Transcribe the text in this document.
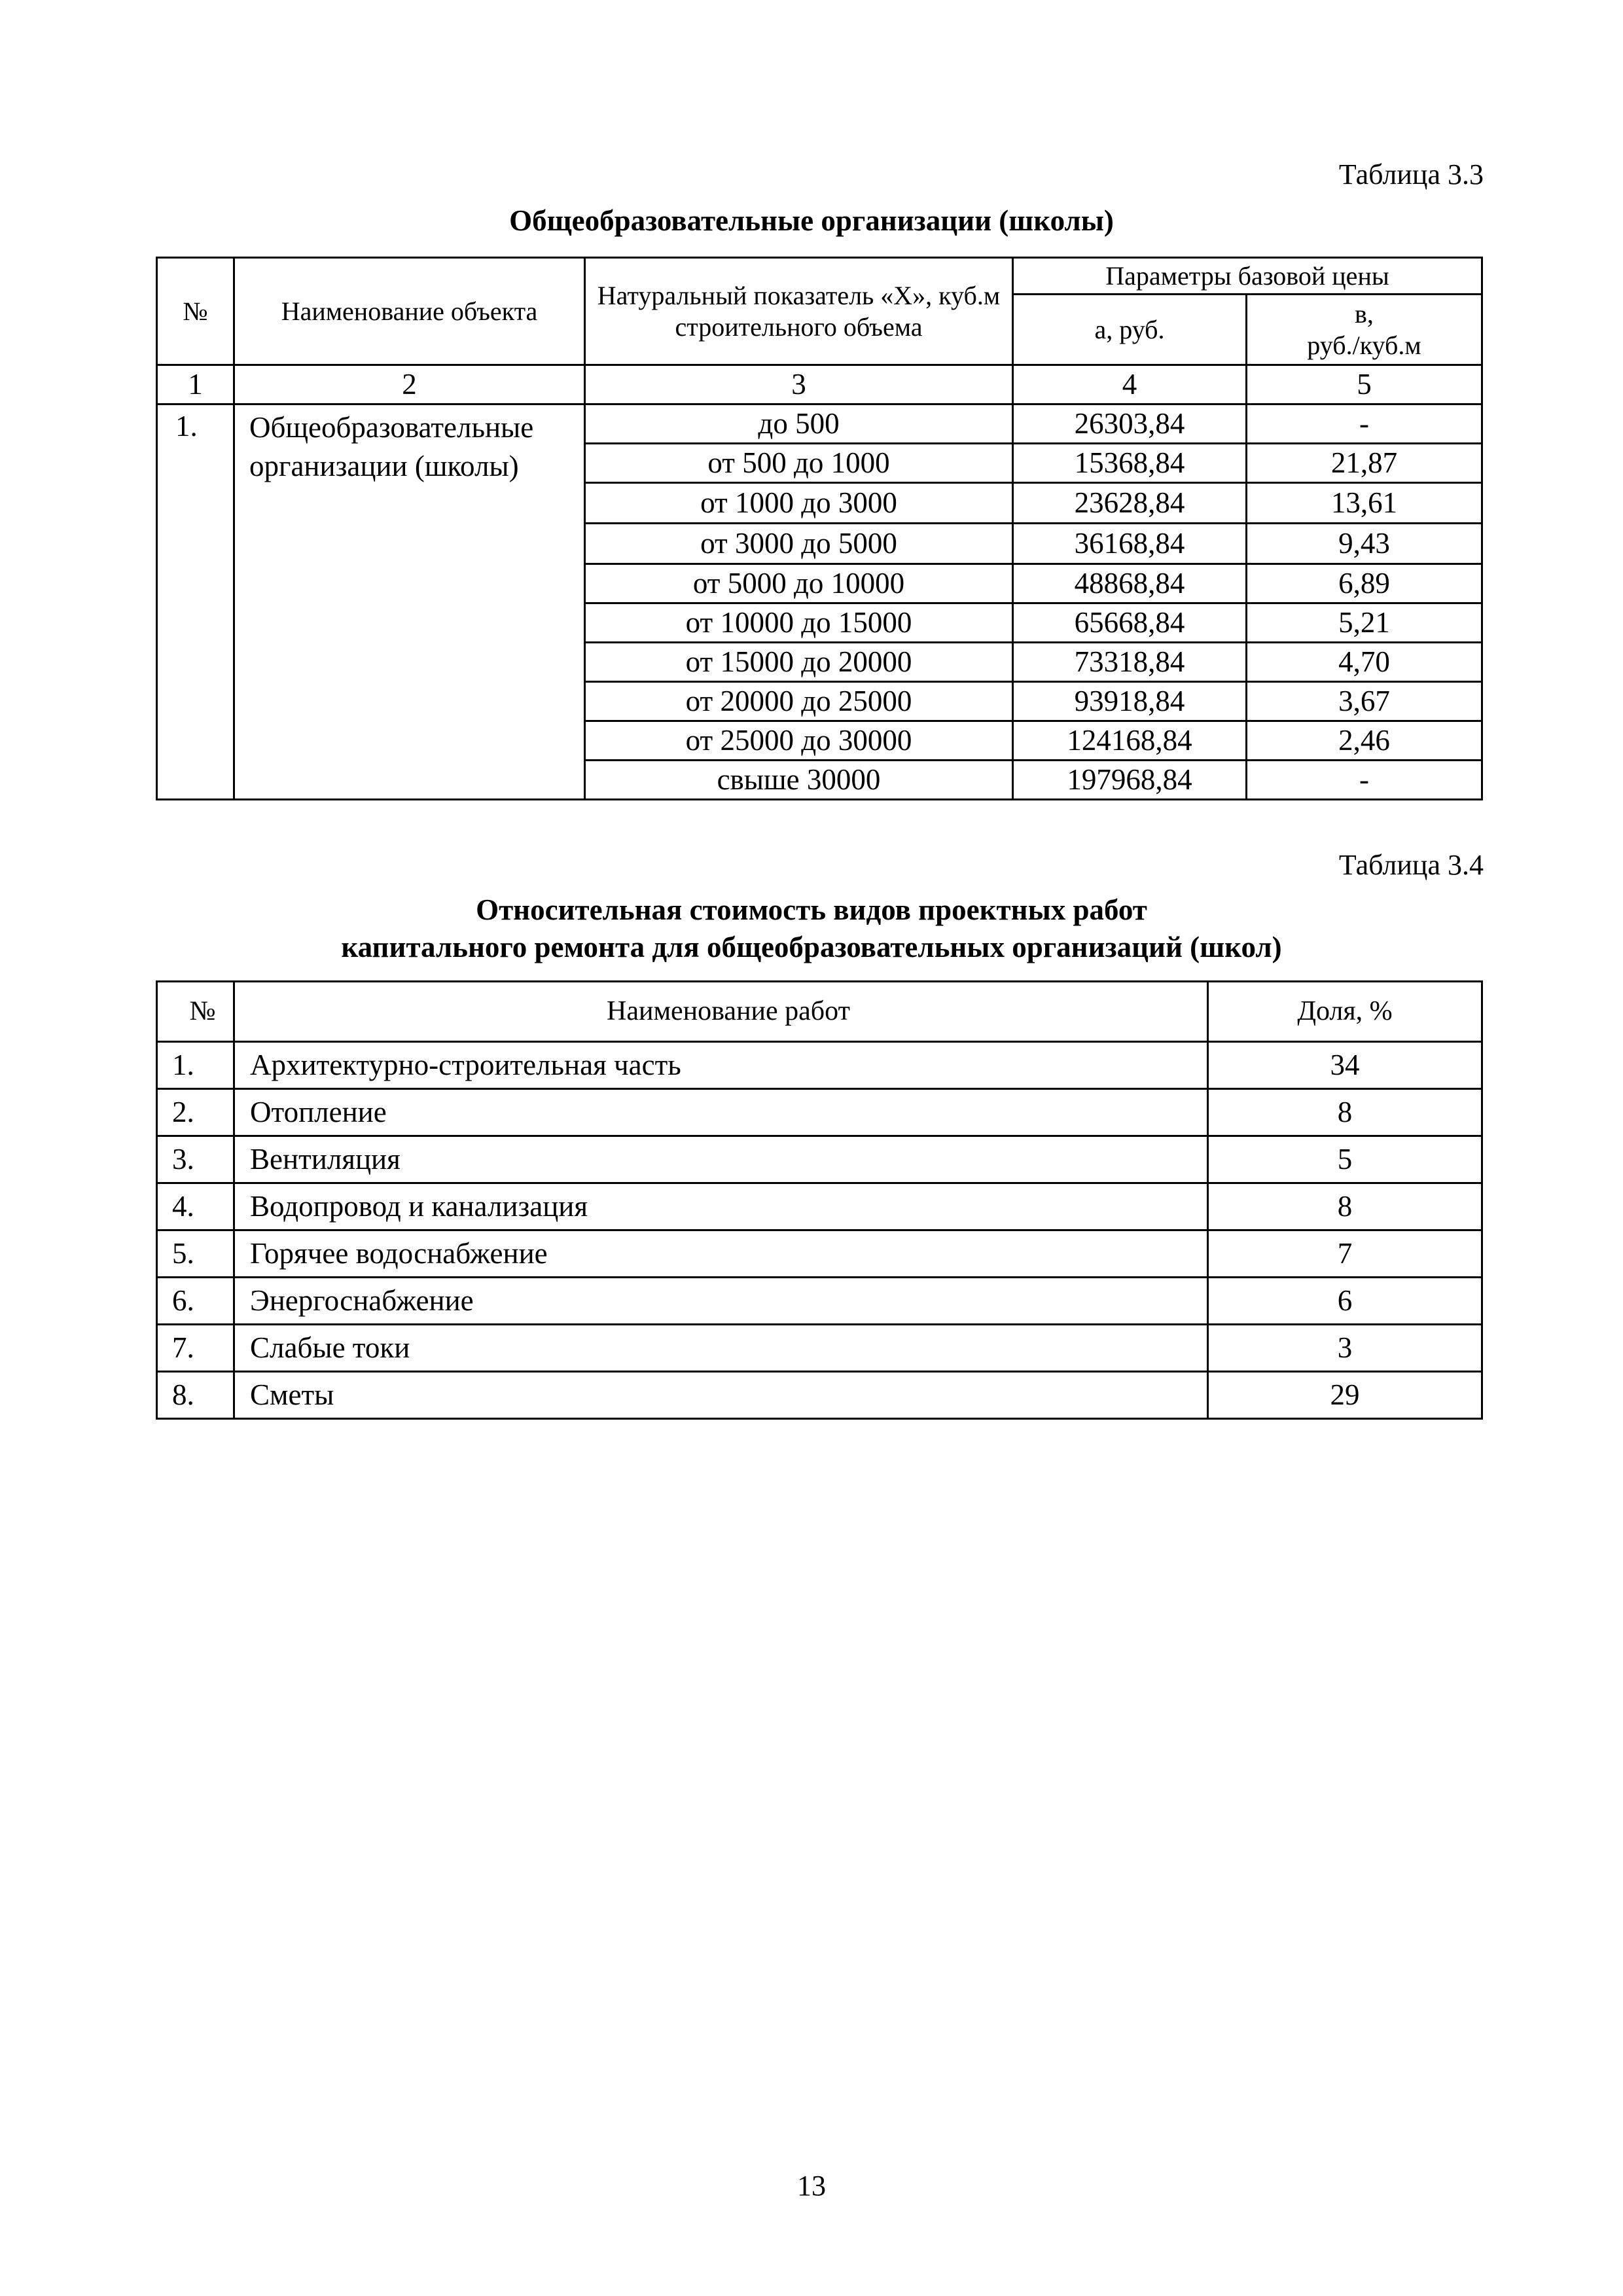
Таблица 3.3
Общеобразовательные организации (школы)
№	Наименование объекта	Натуральный показатель «X», куб.м строительного объема	Параметры базовой цены	
			а, руб.	в,
руб./куб.м

1	2	3	4	5
1.	Общеобразовательные организации (школы)	до 500	26303,84	-
		от 500 до 1000	15368,84	21,87
		от 1000 до 3000	23628,84	13,61
		от 3000 до 5000	36168,84	9,43
		от 5000 до 10000	48868,84	6,89
		от 10000 до 15000	65668,84	5,21
		от 15000 до 20000	73318,84	4,70
		от 20000 до 25000	93918,84	3,67
		от 25000 до 30000	124168,84	2,46
		свыше 30000	197968,84	-
Таблица 3.4
Относительная стоимость видов проектных работ
капитального ремонта для общеобразовательных организаций (школ)
№	Наименование работ	Доля, %
1.	Архитектурно-строительная часть	34
2.	Отопление	8
3.	Вентиляция	5
4.	Водопровод и канализация	8
5.	Горячее водоснабжение	7
6.	Энергоснабжение	6
7.	Слабые токи	3
8.	Сметы	29
13
